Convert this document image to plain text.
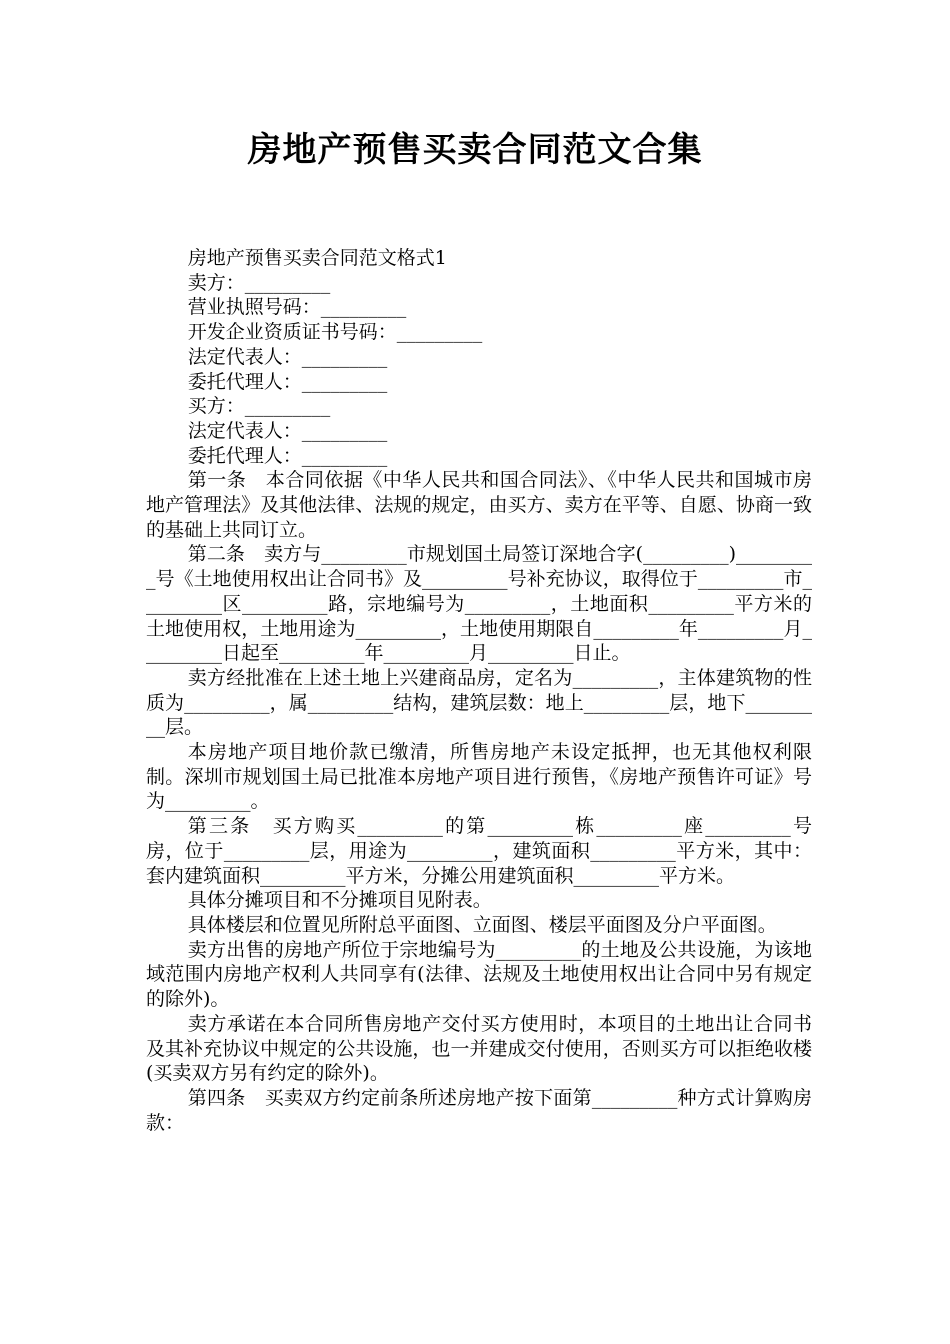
房地产预售买卖合同范文合集

房地产预售买卖合同范文格式1

卖方：_________

营业执照号码：_________

开发企业资质证书号码：_________

法定代表人：_________

委托代理人：_________

买方：_________

法定代表人：_________

委托代理人：_________

第一条　本合同依据《中华人民共和国合同法》、《中华人民共和国城市房地产管理法》及其他法律、法规的规定，由买方、卖方在平等、自愿、协商一致的基础上共同订立。

第二条　卖方与_________市规划国土局签订深地合字(_________)_________号《土地使用权出让合同书》及_________号补充协议，取得位于_________市_________区_________路，宗地编号为_________，土地面积_________平方米的土地使用权，土地用途为_________，土地使用期限自_________年_________月_________日起至_________年_________月_________日止。

卖方经批准在上述土地上兴建商品房，定名为_________，主体建筑物的性质为_________，属_________结构，建筑层数：地上_________层，地下_________层。

本房地产项目地价款已缴清，所售房地产未设定抵押，也无其他权利限制。深圳市规划国土局已批准本房地产项目进行预售，《房地产预售许可证》号为_________。

第三条　买方购买_________的第_________栋_________座_________号房，位于_________层，用途为_________，建筑面积_________平方米，其中：套内建筑面积_________平方米，分摊公用建筑面积_________平方米。

具体分摊项目和不分摊项目见附表。

具体楼层和位置见所附总平面图、立面图、楼层平面图及分户平面图。

卖方出售的房地产所位于宗地编号为_________的土地及公共设施，为该地域范围内房地产权利人共同享有(法律、法规及土地使用权出让合同中另有规定的除外)。

卖方承诺在本合同所售房地产交付买方使用时，本项目的土地出让合同书及其补充协议中规定的公共设施，也一并建成交付使用，否则买方可以拒绝收楼(买卖双方另有约定的除外)。

第四条　买卖双方约定前条所述房地产按下面第_________种方式计算购房款：
